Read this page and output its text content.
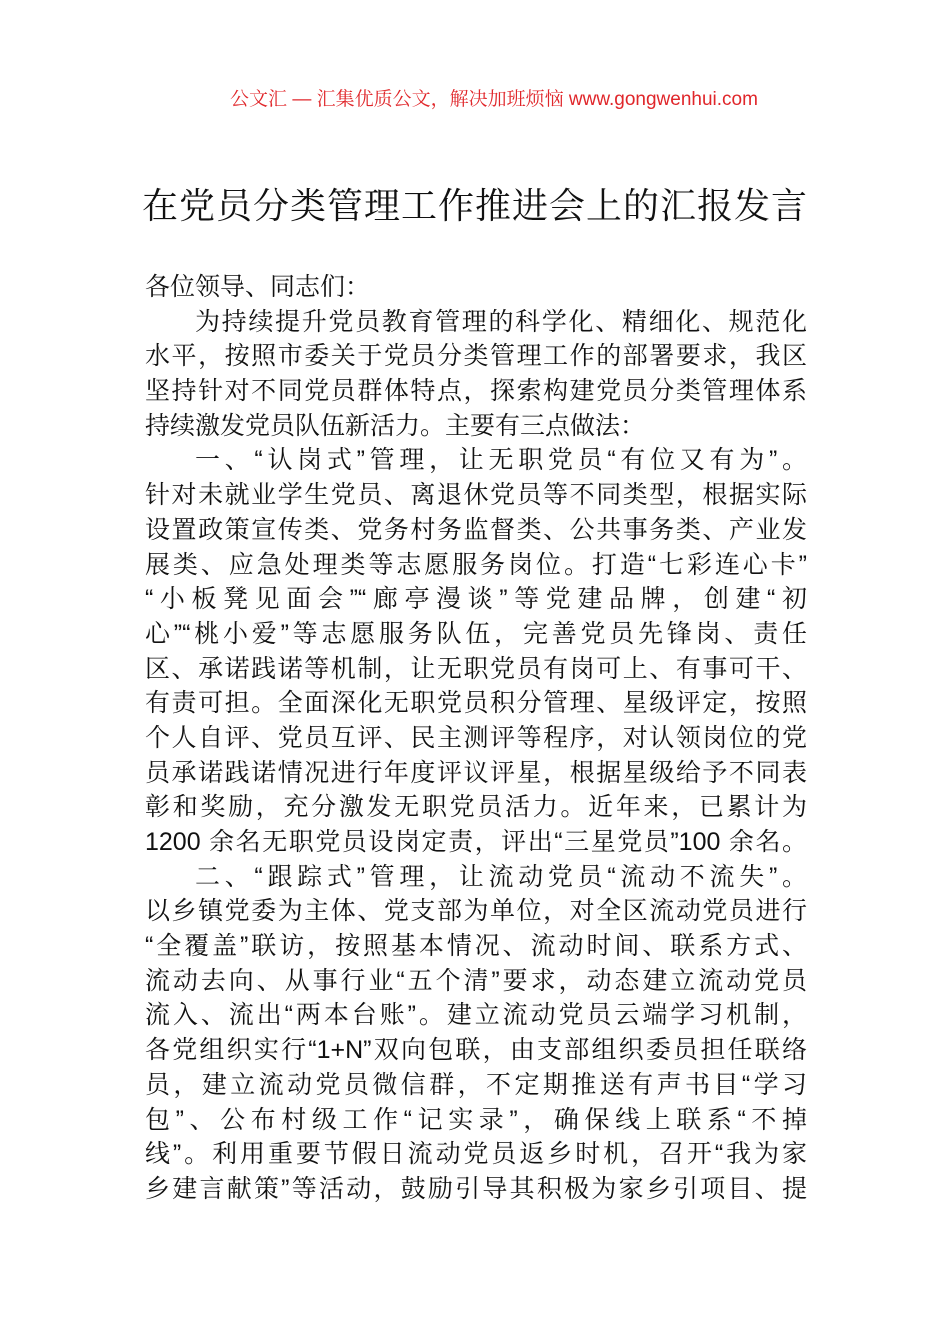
公文汇 — 汇集优质公文，解决加班烦恼 www.gongwenhui.com
在党员分类管理工作推进会上的汇报发言
各位领导、同志们：
为持续提升党员教育管理的科学化、精细化、规范化
水平，按照市委关于党员分类管理工作的部署要求，我区
坚持针对不同党员群体特点，探索构建党员分类管理体系
持续激发党员队伍新活力。主要有三点做法：
一、“认岗式”管理，让无职党员“有位又有为”。
针对未就业学生党员、离退休党员等不同类型，根据实际
设置政策宣传类、党务村务监督类、公共事务类、产业发
展类、应急处理类等志愿服务岗位。打造“七彩连心卡”
“小板凳见面会”“廊亭漫谈”等党建品牌，创建“初
心”“桃小爱”等志愿服务队伍，完善党员先锋岗、责任
区、承诺践诺等机制，让无职党员有岗可上、有事可干、
有责可担。全面深化无职党员积分管理、星级评定，按照
个人自评、党员互评、民主测评等程序，对认领岗位的党
员承诺践诺情况进行年度评议评星，根据星级给予不同表
彰和奖励，充分激发无职党员活力。近年来，已累计为
1200 余名无职党员设岗定责，评出“三星党员”100 余名。
二、“跟踪式”管理，让流动党员“流动不流失”。
以乡镇党委为主体、党支部为单位，对全区流动党员进行
“全覆盖”联访，按照基本情况、流动时间、联系方式、
流动去向、从事行业“五个清”要求，动态建立流动党员
流入、流出“两本台账”。建立流动党员云端学习机制，
各党组织实行“1+N”双向包联，由支部组织委员担任联络
员，建立流动党员微信群，不定期推送有声书目“学习
包”、公布村级工作“记实录”，确保线上联系“不掉
线”。利用重要节假日流动党员返乡时机，召开“我为家
乡建言献策”等活动，鼓励引导其积极为家乡引项目、提
